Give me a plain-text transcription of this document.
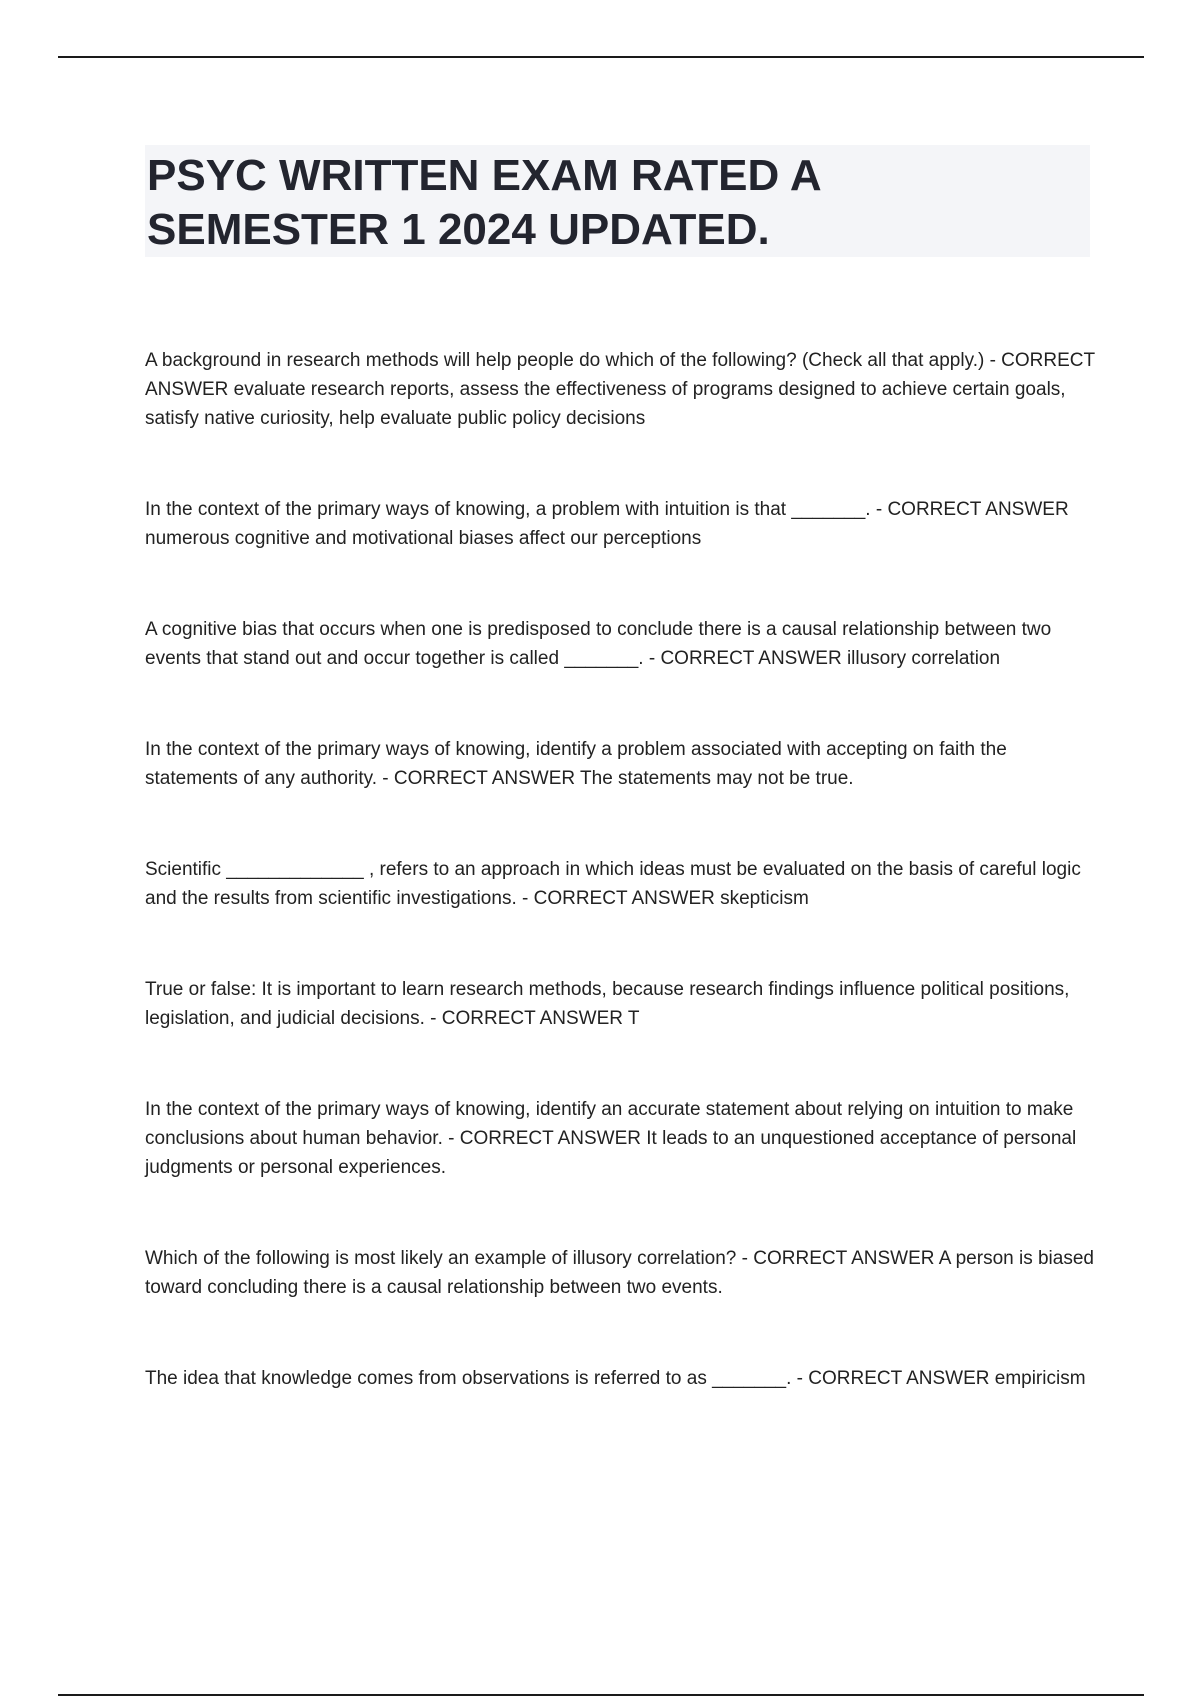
PSYC WRITTEN EXAM RATED A
SEMESTER 1 2024 UPDATED.

A background in research methods will help people do which of the following? (Check all that apply.) - CORRECT ANSWER evaluate research reports, assess the effectiveness of programs designed to achieve certain goals, satisfy native curiosity, help evaluate public policy decisions

In the context of the primary ways of knowing, a problem with intuition is that _______. - CORRECT ANSWER numerous cognitive and motivational biases affect our perceptions

A cognitive bias that occurs when one is predisposed to conclude there is a causal relationship between two events that stand out and occur together is called _______. - CORRECT ANSWER illusory correlation

In the context of the primary ways of knowing, identify a problem associated with accepting on faith the statements of any authority. - CORRECT ANSWER The statements may not be true.

Scientific _____________ , refers to an approach in which ideas must be evaluated on the basis of careful logic and the results from scientific investigations. - CORRECT ANSWER skepticism

True or false: It is important to learn research methods, because research findings influence political positions, legislation, and judicial decisions. - CORRECT ANSWER T

In the context of the primary ways of knowing, identify an accurate statement about relying on intuition to make conclusions about human behavior. - CORRECT ANSWER It leads to an unquestioned acceptance of personal judgments or personal experiences.

Which of the following is most likely an example of illusory correlation? - CORRECT ANSWER A person is biased toward concluding there is a causal relationship between two events.

The idea that knowledge comes from observations is referred to as _______. - CORRECT ANSWER empiricism
